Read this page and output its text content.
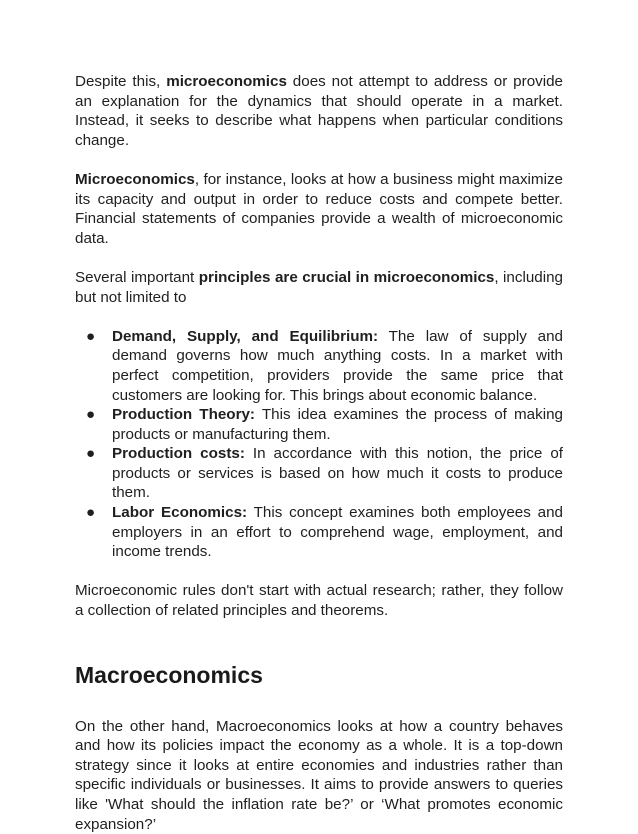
Despite this, microeconomics does not attempt to address or provide an explanation for the dynamics that should operate in a market. Instead, it seeks to describe what happens when particular conditions change.

Microeconomics, for instance, looks at how a business might maximize its capacity and output in order to reduce costs and compete better. Financial statements of companies provide a wealth of microeconomic data.

Several important principles are crucial in microeconomics, including but not limited to

● Demand, Supply, and Equilibrium: The law of supply and demand governs how much anything costs. In a market with perfect competition, providers provide the same price that customers are looking for. This brings about economic balance.
● Production Theory: This idea examines the process of making products or manufacturing them.
● Production costs: In accordance with this notion, the price of products or services is based on how much it costs to produce them.
● Labor Economics: This concept examines both employees and employers in an effort to comprehend wage, employment, and income trends.

Microeconomic rules don't start with actual research; rather, they follow a collection of related principles and theorems.

Macroeconomics

On the other hand, Macroeconomics looks at how a country behaves and how its policies impact the economy as a whole. It is a top-down strategy since it looks at entire economies and industries rather than specific individuals or businesses. It aims to provide answers to queries like 'What should the inflation rate be?’ or ‘What promotes economic expansion?’
